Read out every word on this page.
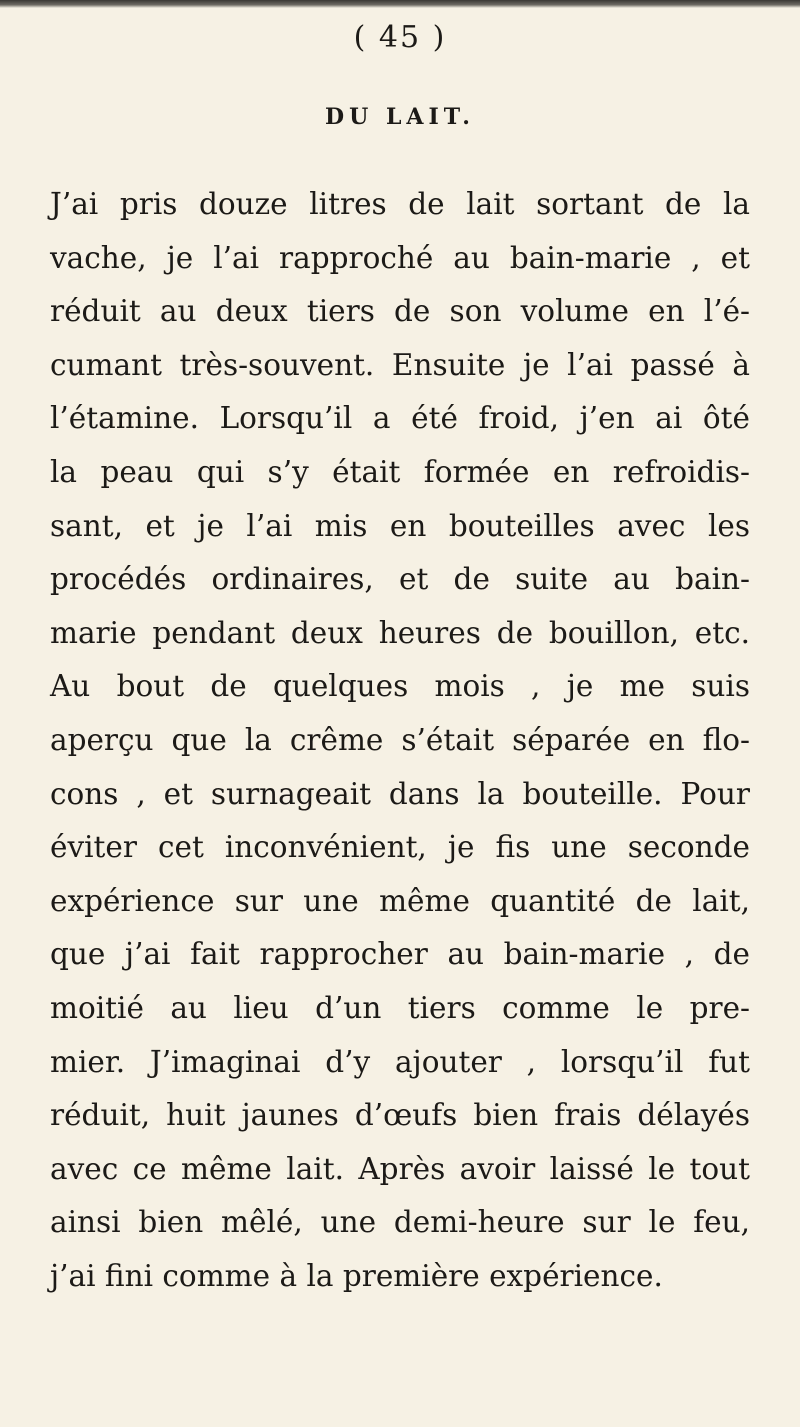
( 45 )
DU LAIT.
J’ai pris douze litres de lait sortant de la
vache, je l’ai rapproché au bain-marie , et
réduit au deux tiers de son volume en l’é-
cumant très-souvent. Ensuite je l’ai passé à
l’étamine. Lorsqu’il a été froid, j’en ai ôté
la peau qui s’y était formée en refroidis-
sant, et je l’ai mis en bouteilles avec les
procédés ordinaires, et de suite au bain-
marie pendant deux heures de bouillon, etc.
Au bout de quelques mois , je me suis
aperçu que la crême s’était séparée en flo-
cons , et surnageait dans la bouteille. Pour
éviter cet inconvénient, je fis une seconde
expérience sur une même quantité de lait,
que j’ai fait rapprocher au bain-marie , de
moitié au lieu d’un tiers comme le pre-
mier. J’imaginai d’y ajouter , lorsqu’il fut
réduit, huit jaunes d’œufs bien frais délayés
avec ce même lait. Après avoir laissé le tout
ainsi bien mêlé, une demi-heure sur le feu,
j’ai fini comme à la première expérience.
